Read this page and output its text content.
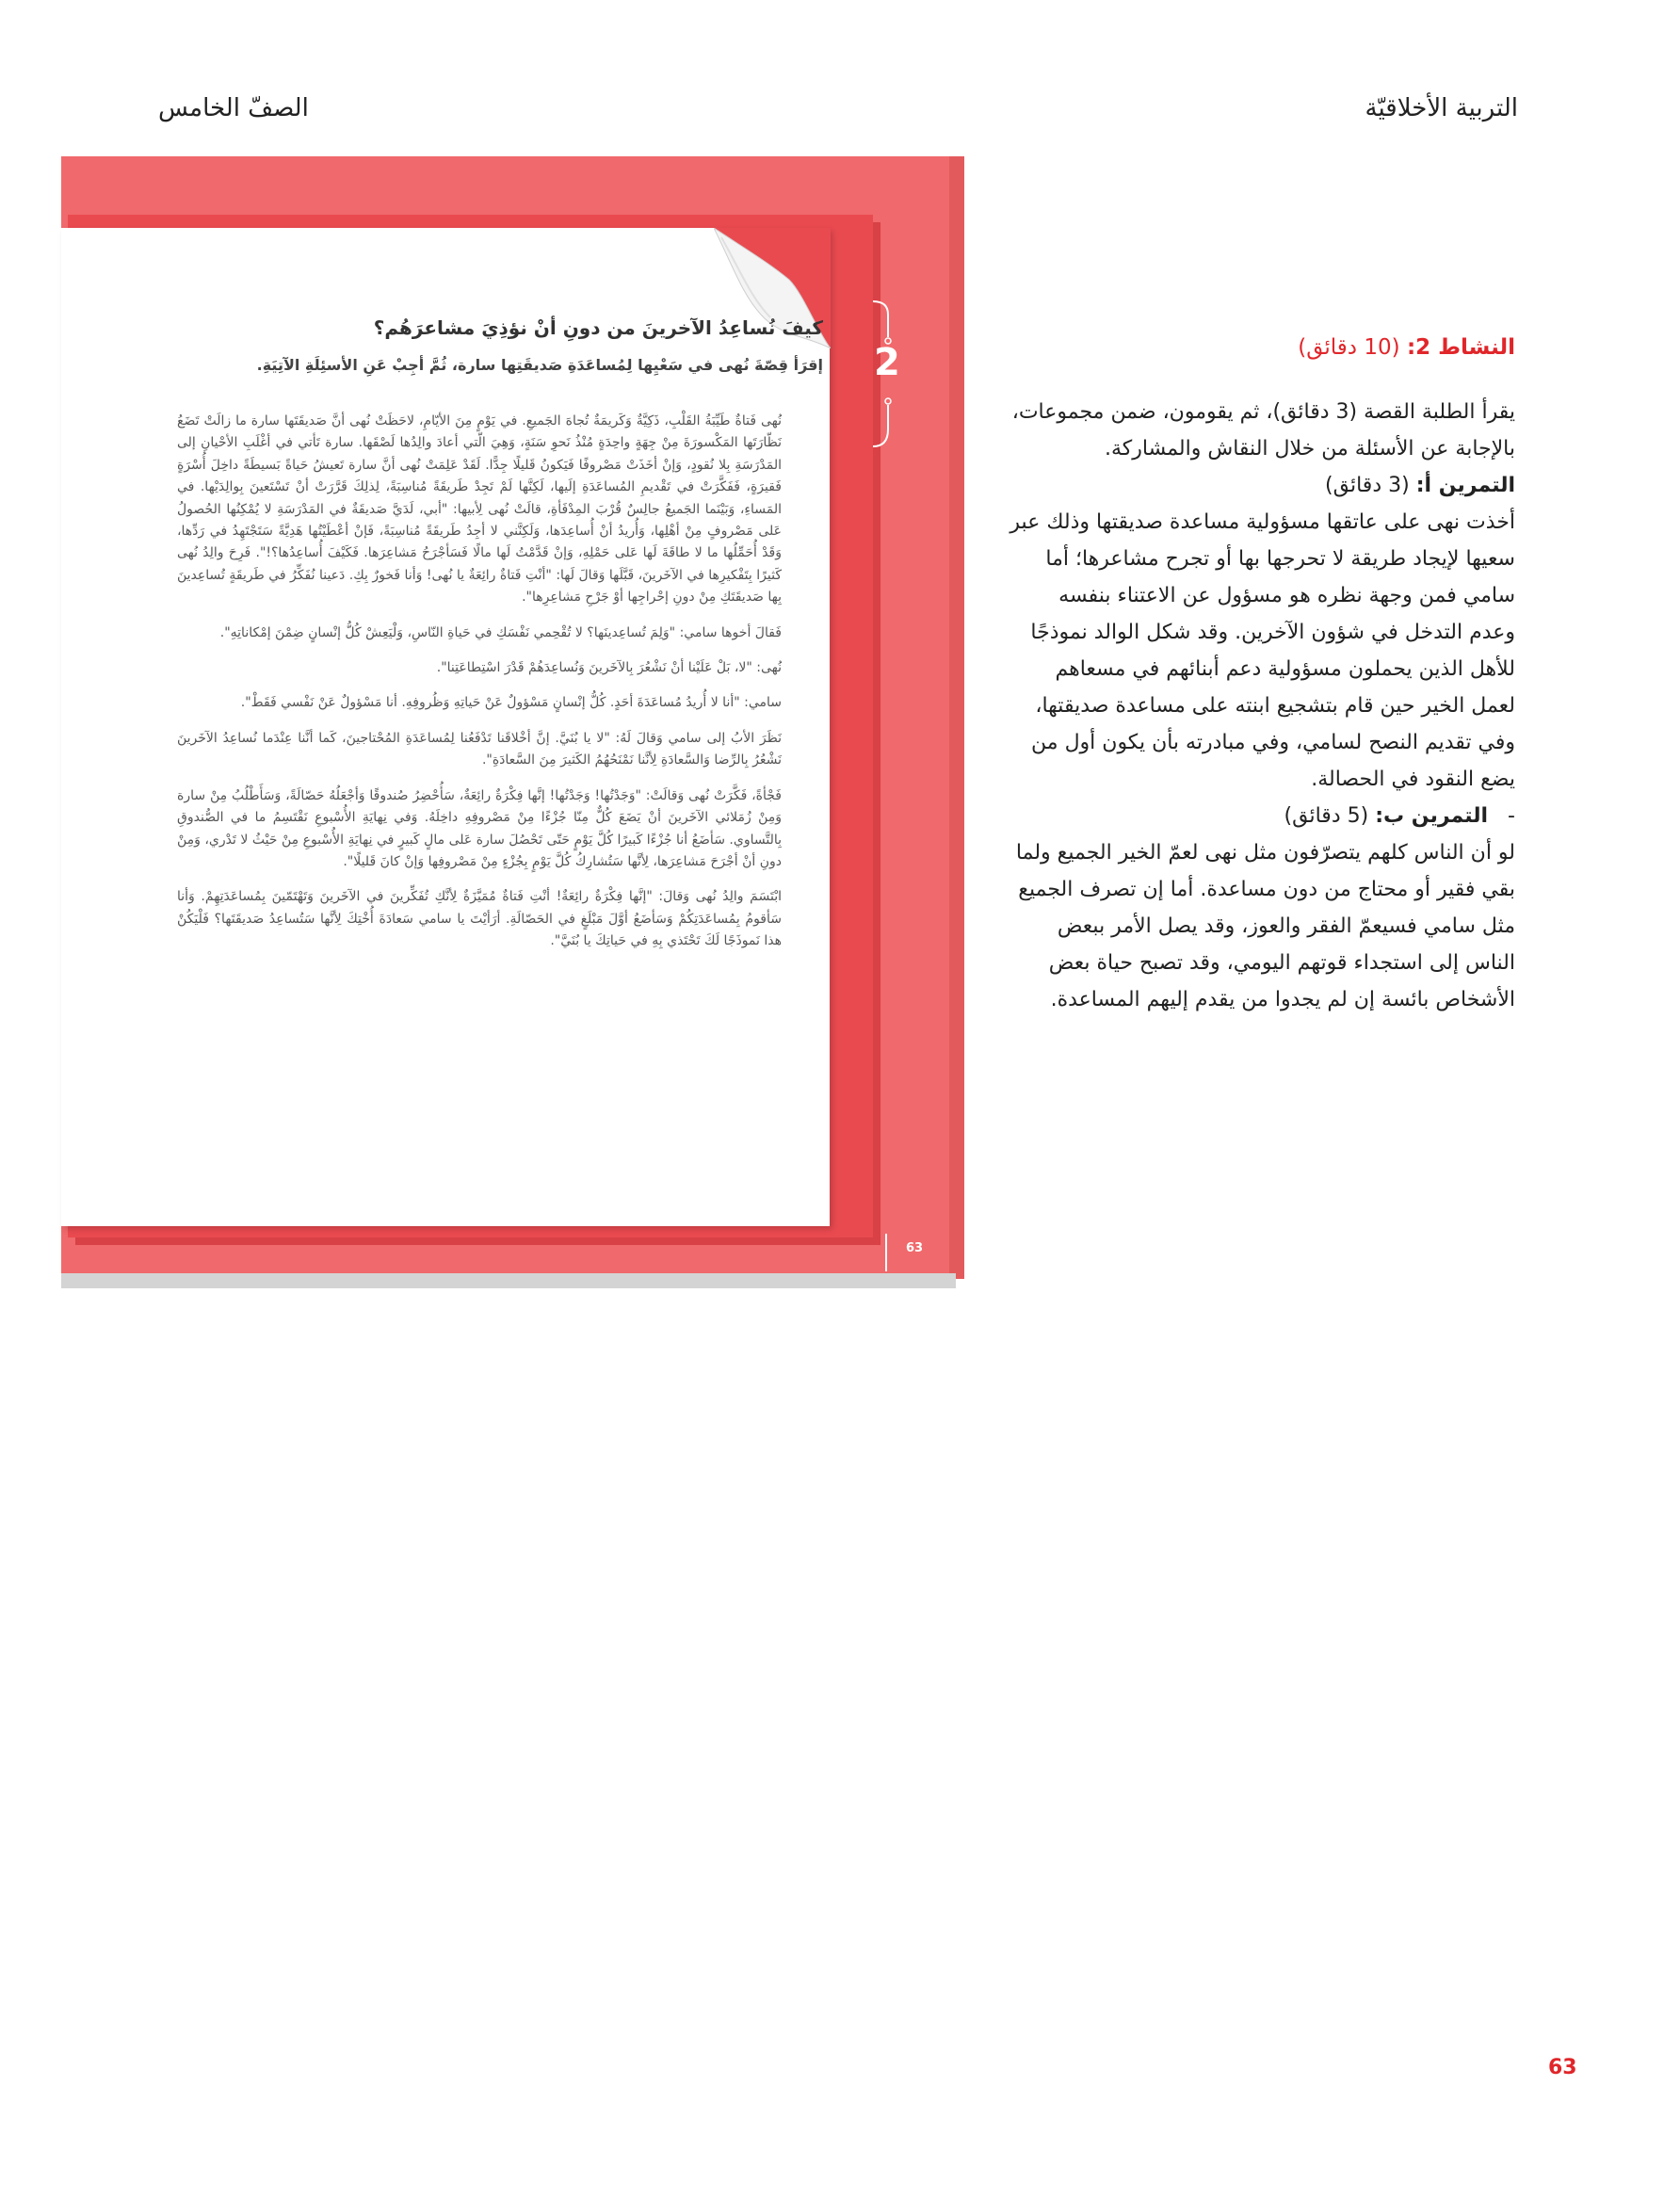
التربية الأخلاقيّة
الصفّ الخامس
2
63
كيفَ نُساعِدُ الآخرينَ من دونِ أنْ نؤذِيَ مشاعرَهُم؟
إقرَأ قِصّةَ نُهى في سَعْيِها لِمُساعَدَةِ صَديقَتِها سارة، ثُمَّ أجِبْ عَنِ الأسئِلَةِ الآتِيَةِ.

نُهى فَتاةٌ طَيِّبَةُ القَلْبِ، ذَكِيَّةٌ وَكَريمَةٌ تُجاهَ الجَميعِ. في يَوْمٍ مِنَ الأيّامِ، لاحَظَتْ نُهى أنَّ صَديقَتَها سارة ما زالَتْ تَضَعُ نَظّارَتَها المَكْسورَةَ مِنْ جِهَةٍ واحِدَةٍ مُنْذُ نَحوِ سَنَةٍ، وَهِيَ الّتي أعادَ والِدُها لَصْقَها. سارة تَأتي في أغْلَبِ الأحْيانِ إلى المَدْرَسَةِ بِلا نُقودٍ، وَإنْ أخَذَتْ مَصْروفًا فَيَكونُ قَليلًا جِدًّا. لَقَدْ عَلِمَتْ نُهى أنَّ سارة تَعيشُ حَياةً بَسيطَةً داخِلَ أُسْرَةٍ فَقيرَةٍ، فَفَكَّرَتْ في تَقْديمِ المُساعَدَةِ إلَيها، لَكِنَّها لَمْ تَجِدْ طَريقَةً مُناسِبَةً، لِذلِكَ قَرَّرَتْ أنْ تَسْتَعينَ بِوالِدَيْها. في المَساءِ، وَبَيْنَما الجَميعُ جالِسٌ قُرْبَ المِدْفَأةِ، قالَتْ نُهى لِأبيها: "أبي، لَدَيَّ صَديقَةٌ في المَدْرَسَةِ لا يُمْكِنُها الحُصولُ عَلى مَصْروفٍ مِنْ أهْلِها، وَأُريدُ أنْ أُساعِدَها، وَلَكِنَّني لا أجِدُ طَريقَةً مُناسِبَةً، فَإنْ أعْطَيْتُها هَدِيَّةً سَتَجْتَهِدُ في رَدِّها، وَقَدْ أُحَمِّلُها ما لا طاقَةَ لَها عَلى حَمْلِهِ، وَإنْ قَدَّمْتُ لَها مالًا فَسَأجْرَحُ مَشاعِرَها. فَكَيْفَ أُساعِدُها؟!". فَرِحَ والِدُ نُهى كَثيرًا بِتَفْكيرِها في الآخَرينَ، قَبَّلَها وَقالَ لَها: "أنْتِ فَتاةٌ رائِعَةٌ يا نُهى! وَأنا فَخورٌ بِكِ. دَعينا نُفَكِّرُ في طَريقَةٍ تُساعِدينَ بِها صَديقَتَكِ مِنْ دونِ إحْراجِها أوْ جَرْحِ مَشاعِرِها".

فَقالَ أخوها سامي: "وَلِمَ تُساعِدينَها؟ لا تُقْحِمي نَفْسَكِ في حَياةِ النّاسِ، وَلْيَعِشْ كُلُّ إنْسانٍ ضِمْنَ إمْكاناتِهِ".

نُهى: "لا، بَلْ عَلَيْنا أنْ نَشْعُرَ بِالآخَرينَ وَنُساعِدَهُمْ قَدْرَ اسْتِطاعَتِنا".

سامي: "أنا لا أُريدُ مُساعَدَةَ أحَدٍ. كُلُّ إنْسانٍ مَسْؤولٌ عَنْ حَياتِهِ وَظُروفِهِ. أنا مَسْؤولٌ عَنْ نَفْسي فَقَطْ".

نَظَرَ الأبُ إلى سامي وَقالَ لَهُ: "لا يا بُنَيَّ. إنَّ أخْلاقَنا تَدْفَعُنا لِمُساعَدَةِ المُحْتاجينَ، كَما أنَّنا عِنْدَما نُساعِدُ الآخَرينَ نَشْعُرُ بِالرِّضا وَالسَّعادَةِ لِأنَّنا نَمْنَحُهُمُ الكَثيرَ مِنَ السَّعادَةِ".

فَجْأةً، فَكَّرَتْ نُهى وَقالَتْ: "وَجَدْتُها! وَجَدْتُها! إنَّها فِكْرَةٌ رائِعَةٌ، سَأُحْضِرُ صُندوقًا وَأجْعَلُهُ حَصّالَةً، وَسَأَطْلُبُ مِنْ سارة وَمِنْ زُمَلائي الآخَرينَ أنْ يَضَعَ كُلٌّ مِنّا جُزْءًا مِنْ مَصْروفِهِ داخِلَهُ. وَفي نِهايَةِ الأُسْبوعِ نَقْتَسِمُ ما في الصُّندوقِ بِالتَّساوي. سَأضَعُ أنا جُزْءًا كَبيرًا كُلَّ يَوْمٍ حَتّى تَحْصُلَ سارة عَلى مالٍ كَبيرٍ في نِهايَةِ الأُسْبوعِ مِنْ حَيْثُ لا تَدْري، وَمِنْ دونِ أنْ أجْرَحَ مَشاعِرَها، لِأنَّها سَتُشارِكُ كُلَّ يَوْمٍ بِجُزْءٍ مِنْ مَصْروفِها وَإنْ كانَ قَليلًا".

ابْتَسَمَ والِدُ نُهى وَقالَ: "إنَّها فِكْرَةٌ رائِعَةٌ! أنْتِ فَتاةٌ مُمَيَّزَةٌ لِأنَّكِ تُفَكِّرينَ في الآخَرينَ وَتَهْتَمّينَ بِمُساعَدَتِهِمْ. وَأنا سَأقومُ بِمُساعَدَتِكُمْ وَسَأضَعُ أوَّلَ مَبْلَغٍ في الحَصّالَةِ. أرَأيْتَ يا سامي سَعادَةَ أُخْتِكَ لِأنَّها سَتُساعِدُ صَديقَتَها؟ فَلْيَكُنْ هذا نَموذَجًا لَكَ تَحْتَذي بِهِ في حَياتِكَ يا بُنَيَّ".

النشاط 2: (10 دقائق)

يقرأ الطلبة القصة (3 دقائق)، ثم يقومون، ضمن مجموعات، بالإجابة عن الأسئلة من خلال النقاش والمشاركة.

التمرين أ: (3 دقائق)

أخذت نهى على عاتقها مسؤولية مساعدة صديقتها وذلك عبر سعيها لإيجاد طريقة لا تحرجها بها أو تجرح مشاعرها؛ أما سامي فمن وجهة نظره هو مسؤول عن الاعتناء بنفسه وعدم التدخل في شؤون الآخرين. وقد شكل الوالد نموذجًا للأهل الذين يحملون مسؤولية دعم أبنائهم في مسعاهم لعمل الخير حين قام بتشجيع ابنته على مساعدة صديقتها، وفي تقديم النصح لسامي، وفي مبادرته بأن يكون أول من يضع النقود في الحصالة.

-   التمرين ب: (5 دقائق)

لو أن الناس كلهم يتصرّفون مثل نهى لعمّ الخير الجميع ولما بقي فقير أو محتاج من دون مساعدة. أما إن تصرف الجميع مثل سامي فسيعمّ الفقر والعوز، وقد يصل الأمر ببعض الناس إلى استجداء قوتهم اليومي، وقد تصبح حياة بعض الأشخاص بائسة إن لم يجدوا من يقدم إليهم المساعدة.

63
